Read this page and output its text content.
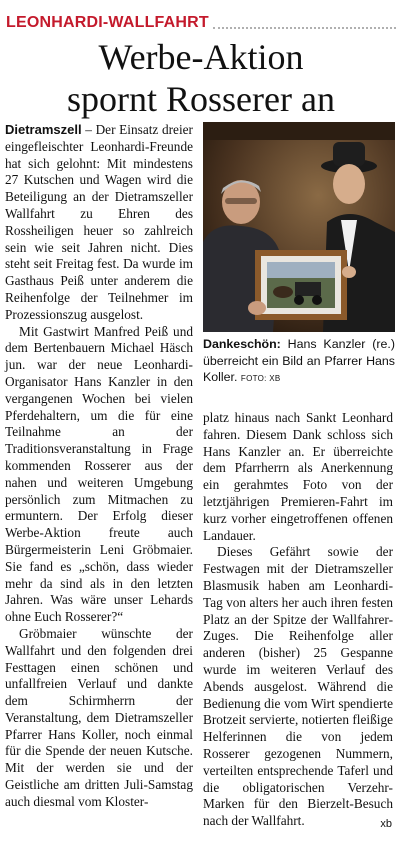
LEONHARDI-WALLFAHRT
Werbe-Aktion
spornt Rosserer an

Dietramszell – Der Einsatz dreier eingefleischter Leonhardi-Freunde hat sich gelohnt: Mit mindestens 27 Kutschen und Wagen wird die Beteiligung an der Dietramszeller Wallfahrt zu Ehren des Rossheiligen heuer so zahlreich sein wie seit Jahren nicht. Dies steht seit Freitag fest. Da wurde im Gasthaus Peiß unter anderem die Reihenfolge der Teilnehmer im Prozessionszug ausgelost.

Mit Gastwirt Manfred Peiß und dem Bertenbauern Michael Häsch jun. war der neue Leonhardi-Organisator Hans Kanzler in den vergangenen Wochen bei vielen Pferdehaltern, um die für eine Teilnahme an der Traditionsveranstaltung in Frage kommenden Rosserer aus der nahen und weiteren Umgebung persönlich zum Mitmachen zu ermuntern. Der Erfolg dieser Werbe-Aktion freute auch Bürgermeisterin Leni Gröbmaier. Sie fand es „schön, dass wieder mehr da sind als in den letzten Jahren. Was wäre unser Lehards ohne Euch Rosserer?“

Gröbmaier wünschte der Wallfahrt und den folgenden drei Festtagen einen schönen und unfallfreien Verlauf und dankte dem Schirmherrn der Veranstaltung, dem Dietramszeller Pfarrer Hans Koller, noch einmal für die Spende der neuen Kutsche. Mit der werden sie und der Geistliche am dritten Juli-Samstag auch diesmal vom Kloster-

Dankeschön: Hans Kanzler (re.) überreicht ein Bild an Pfarrer Hans Koller. FOTO: XB

platz hinaus nach Sankt Leonhard fahren. Diesem Dank schloss sich Hans Kanzler an. Er überreichte dem Pfarrherrn als Anerkennung ein gerahmtes Foto von der letztjährigen Premieren-Fahrt im kurz vorher eingetroffenen offenen Landauer.

Dieses Gefährt sowie der Festwagen mit der Dietramszeller Blasmusik haben am Leonhardi-Tag von alters her auch ihren festen Platz an der Spitze der Wallfahrer-Zuges. Die Reihenfolge aller anderen (bisher) 25 Gespanne wurde im weiteren Verlauf des Abends ausgelost. Während die Bedienung die vom Wirt spendierte Brotzeit servierte, notierten fleißige Helferinnen die von jedem Rosserer gezogenen Nummern, verteilten entsprechende Taferl und die obligatorischen Verzehr-Marken für den Bierzelt-Besuch nach der Wallfahrt.	xb
